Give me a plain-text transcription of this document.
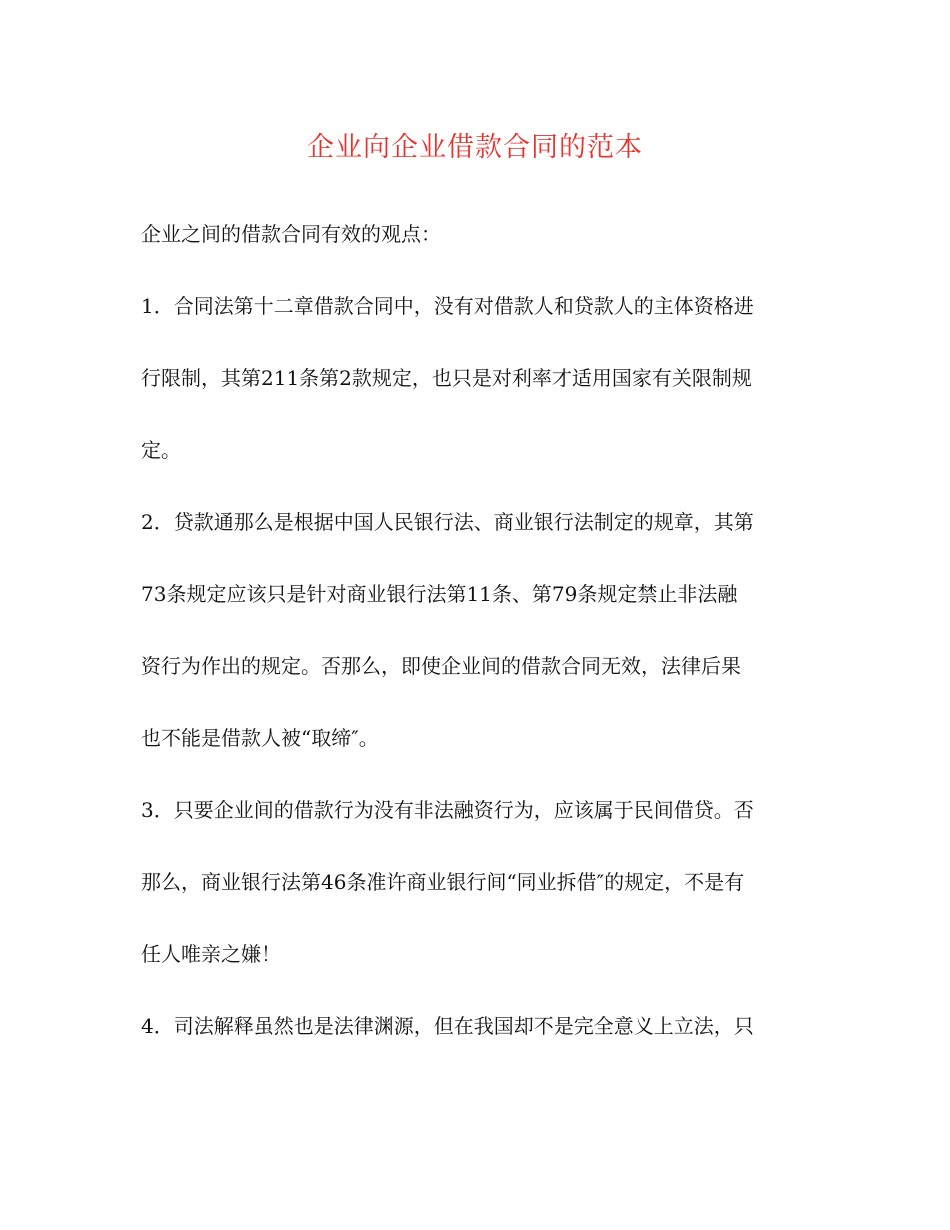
企业向企业借款合同的范本
企业之间的借款合同有效的观点：
1．合同法第十二章借款合同中，没有对借款人和贷款人的主体资格进
行限制，其第211条第2款规定，也只是对利率才适用国家有关限制规
定。
2．贷款通那么是根据中国人民银行法、商业银行法制定的规章，其第
73条规定应该只是针对商业银行法第11条、第79条规定禁止非法融
资行为作出的规定。否那么，即使企业间的借款合同无效，法律后果
也不能是借款人被“取缔″。
3．只要企业间的借款行为没有非法融资行为，应该属于民间借贷。否
那么，商业银行法第46条准许商业银行间“同业拆借″的规定，不是有
任人唯亲之嫌！
4．司法解释虽然也是法律渊源，但在我国却不是完全意义上立法，只
